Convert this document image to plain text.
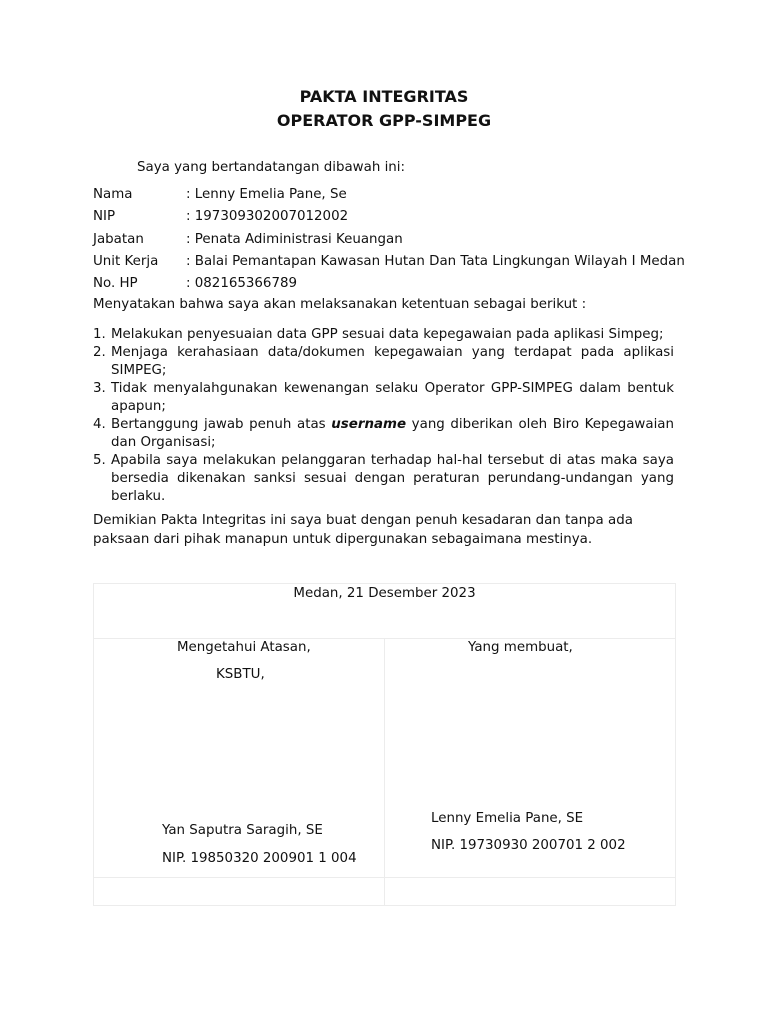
PAKTA INTEGRITAS
OPERATOR GPP-SIMPEG
Saya yang bertandatangan dibawah ini:
Nama	: Lenny Emelia Pane, Se
NIP	: 197309302007012002
Jabatan	: Penata Adiministrasi Keuangan
Unit Kerja : Balai Pemantapan Kawasan Hutan Dan Tata Lingkungan Wilayah I Medan
No. HP	: 082165366789
Menyatakan bahwa saya akan melaksanakan ketentuan sebagai berikut :
1. Melakukan penyesuaian data GPP sesuai data kepegawaian pada aplikasi Simpeg;
2. Menjaga kerahasiaan data/dokumen kepegawaian yang terdapat pada aplikasi SIMPEG;
3. Tidak menyalahgunakan kewenangan selaku Operator GPP-SIMPEG dalam bentuk apapun;
4. Bertanggung jawab penuh atas username yang diberikan oleh Biro Kepegawaian dan Organisasi;
5. Apabila saya melakukan pelanggaran terhadap hal-hal tersebut di atas maka saya bersedia dikenakan sanksi sesuai dengan peraturan perundang-undangan yang berlaku.
Demikian Pakta Integritas ini saya buat dengan penuh kesadaran dan tanpa ada paksaan dari pihak manapun untuk dipergunakan sebagaimana mestinya.
Medan, 21 Desember 2023
Mengetahui Atasan,
KSBTU,
Yan Saputra Saragih, SE
NIP. 19850320 200901 1 004
Yang membuat,
Lenny Emelia Pane, SE
NIP. 19730930 200701 2 002
